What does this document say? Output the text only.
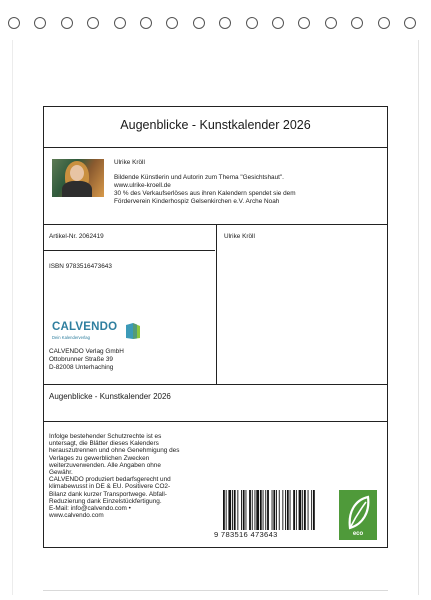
Augenblicke - Kunstkalender 2026
Ulrike Kröll
Bildende Künstlerin und Autorin zum Thema "Gesichtshaut".
www.ulrike-kroell.de
30 % des Verkaufserlöses aus ihren Kalendern spendet sie dem
Förderverein Kinderhospiz Gelsenkirchen e.V. Arche Noah
Artikel-Nr. 2062419	Ulrike Kröll
ISBN 9783516473643
CALVENDO
Dein Kalenderverlag
CALVENDO Verlag GmbH
Ottobrunner Straße 39
D-82008 Unterhaching
Augenblicke - Kunstkalender 2026
Infolge bestehender Schutzrechte ist es
untersagt, die Blätter dieses Kalenders
herauszutrennen und ohne Genehmigung des
Verlages zu gewerblichen Zwecken
weiterzuverwenden. Alle Angaben ohne
Gewähr.
CALVENDO produziert bedarfsgerecht und
klimabewusst in DE & EU. Positivere CO2-
Bilanz dank kurzer Transportwege. Abfall-
Reduzierung dank Einzelstückfertigung.
E-Mail: info@calvendo.com •
www.calvendo.com
9 783516 473643	eco
